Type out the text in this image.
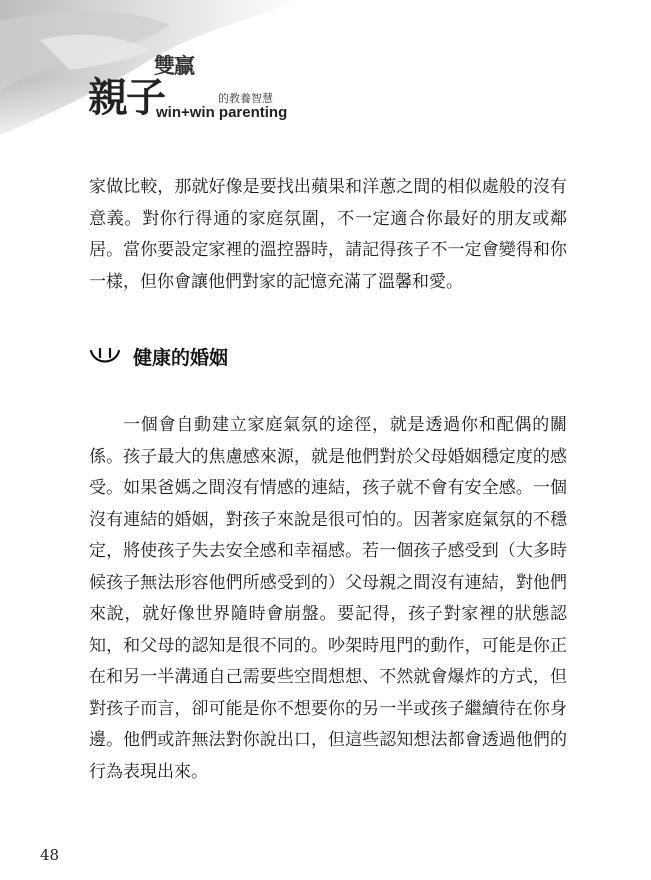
雙贏
親子	的教養智慧
win+win parenting

家做比較，那就好像是要找出蘋果和洋蔥之間的相似處般的沒有意義。對你行得通的家庭氛圍，不一定適合你最好的朋友或鄰居。當你要設定家裡的溫控器時，請記得孩子不一定會變得和你一樣，但你會讓他們對家的記憶充滿了溫馨和愛。

健康的婚姻

一個會自動建立家庭氣氛的途徑，就是透過你和配偶的關係。孩子最大的焦慮感來源，就是他們對於父母婚姻穩定度的感受。如果爸媽之間沒有情感的連結，孩子就不會有安全感。一個沒有連結的婚姻，對孩子來說是很可怕的。因著家庭氣氛的不穩定，將使孩子失去安全感和幸福感。若一個孩子感受到（大多時候孩子無法形容他們所感受到的）父母親之間沒有連結，對他們來說，就好像世界隨時會崩盤。要記得，孩子對家裡的狀態認知，和父母的認知是很不同的。吵架時甩門的動作，可能是你正在和另一半溝通自己需要些空間想想、不然就會爆炸的方式，但對孩子而言，卻可能是你不想要你的另一半或孩子繼續待在你身邊。他們或許無法對你說出口，但這些認知想法都會透過他們的行為表現出來。

48
